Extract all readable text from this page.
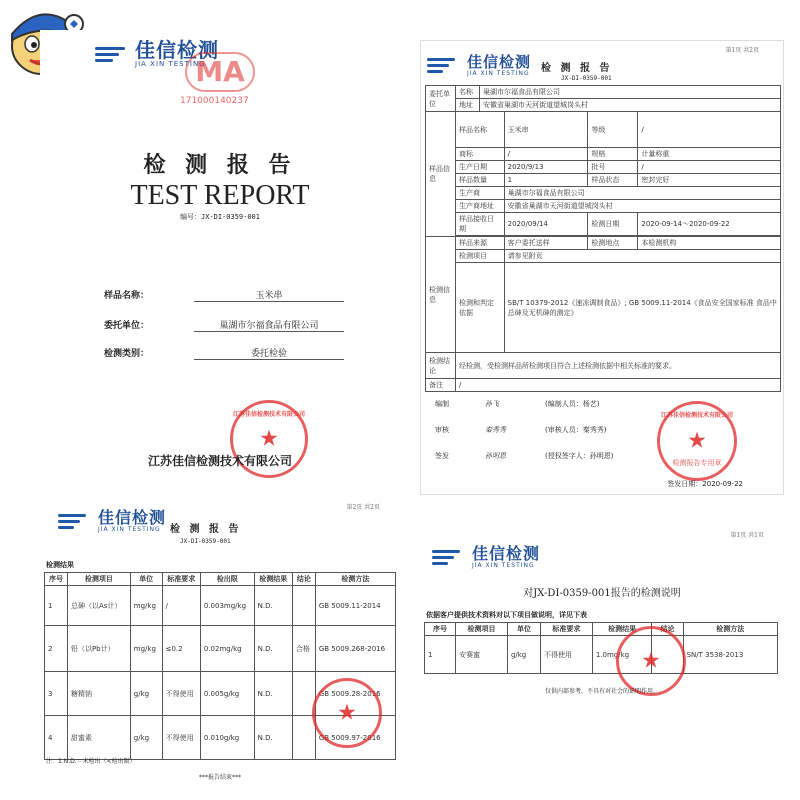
佳信检测
JIA XIN TESTING
MA
171000140237
检 测 报 告
TEST REPORT
编号：JX-DI-0359-001
样品名称：	玉米串
委托单位：	巢湖市尔福食品有限公司
检测类别：	委托检验
江苏佳信检测技术有限公司
★
江苏佳信检测技术有限公司
第1页 共2页
佳信检测
JIA XIN TESTING 检 测 报 告
JX-DI-0359-001
委托单位	名称	巢湖市尔福食品有限公司			
	地址	安徽省巢湖市天河街道望城岗头村			
样品信息	样品名称		玉米串	等级	/
	商标		/	规格	计量称重
	生产日期		2020/9/13	批号	/
	样品数量		1	样品状态	密封完好
	生产商		巢湖市尔福食品有限公司		
	生产商地址		安徽省巢湖市天河街道望城岗头村		
	样品接收日期		2020/09/14	检测日期	2020-09-14～2020-09-22

检测信息	样品来源		客户委托送样	检测地点	本检测机构
	检测项目		请参见附页		
	检测和判定依据		SB/T 10379-2012《速冻调制食品》; GB 5009.11-2014《食品安全国家标准 食品中总砷及无机砷的测定》		
检测结论	经检测，受检测样品所检测项目符合上述检测依据中相关标准的要求。				
备注	/				
编制	孙飞	(编制人员：杨艺)
审核	秦秀秀	(审核人员：秦秀秀)
签发	孙明恩	(授权签字人：孙明恩)
江苏佳信检测技术有限公司
★
检测报告专用章
签发日期：2020-09-22
第2页 共2页
佳信检测
JIA XIN TESTING 检 测 报 告
JX-DI-0359-001
检测结果
序号	检测项目	单位	标准要求	检出限	检测结果	结论	检测方法
1	总砷（以As计）	mg/kg	/	0.003mg/kg	N.D.		GB 5009.11-2014
2	铅（以Pb计）	mg/kg	≤0.2	0.02mg/kg	N.D.	合格	GB 5009.268-2016
3	糖精钠	g/kg	不得使用	0.005g/kg	N.D.		GB 5009.28-2016
4	甜蜜素	g/kg	不得使用	0.010g/kg	N.D.		GB 5009.97-2016
★
注：1.N.D.＝未检出（<检出限）
***报告结束***
第1页 共1页
佳信检测
JIA XIN TESTING
对JX-DI-0359-001报告的检测说明
依据客户提供技术资料对以下项目做说明，详见下表
序号	检测项目	单位	标准要求	检测结果	结论	检测方法
1	安赛蜜	g/kg	不得使用	1.0mg/kg		SN/T 3538-2013
★
仅供内部参考，不具有对社会的证明作用。
